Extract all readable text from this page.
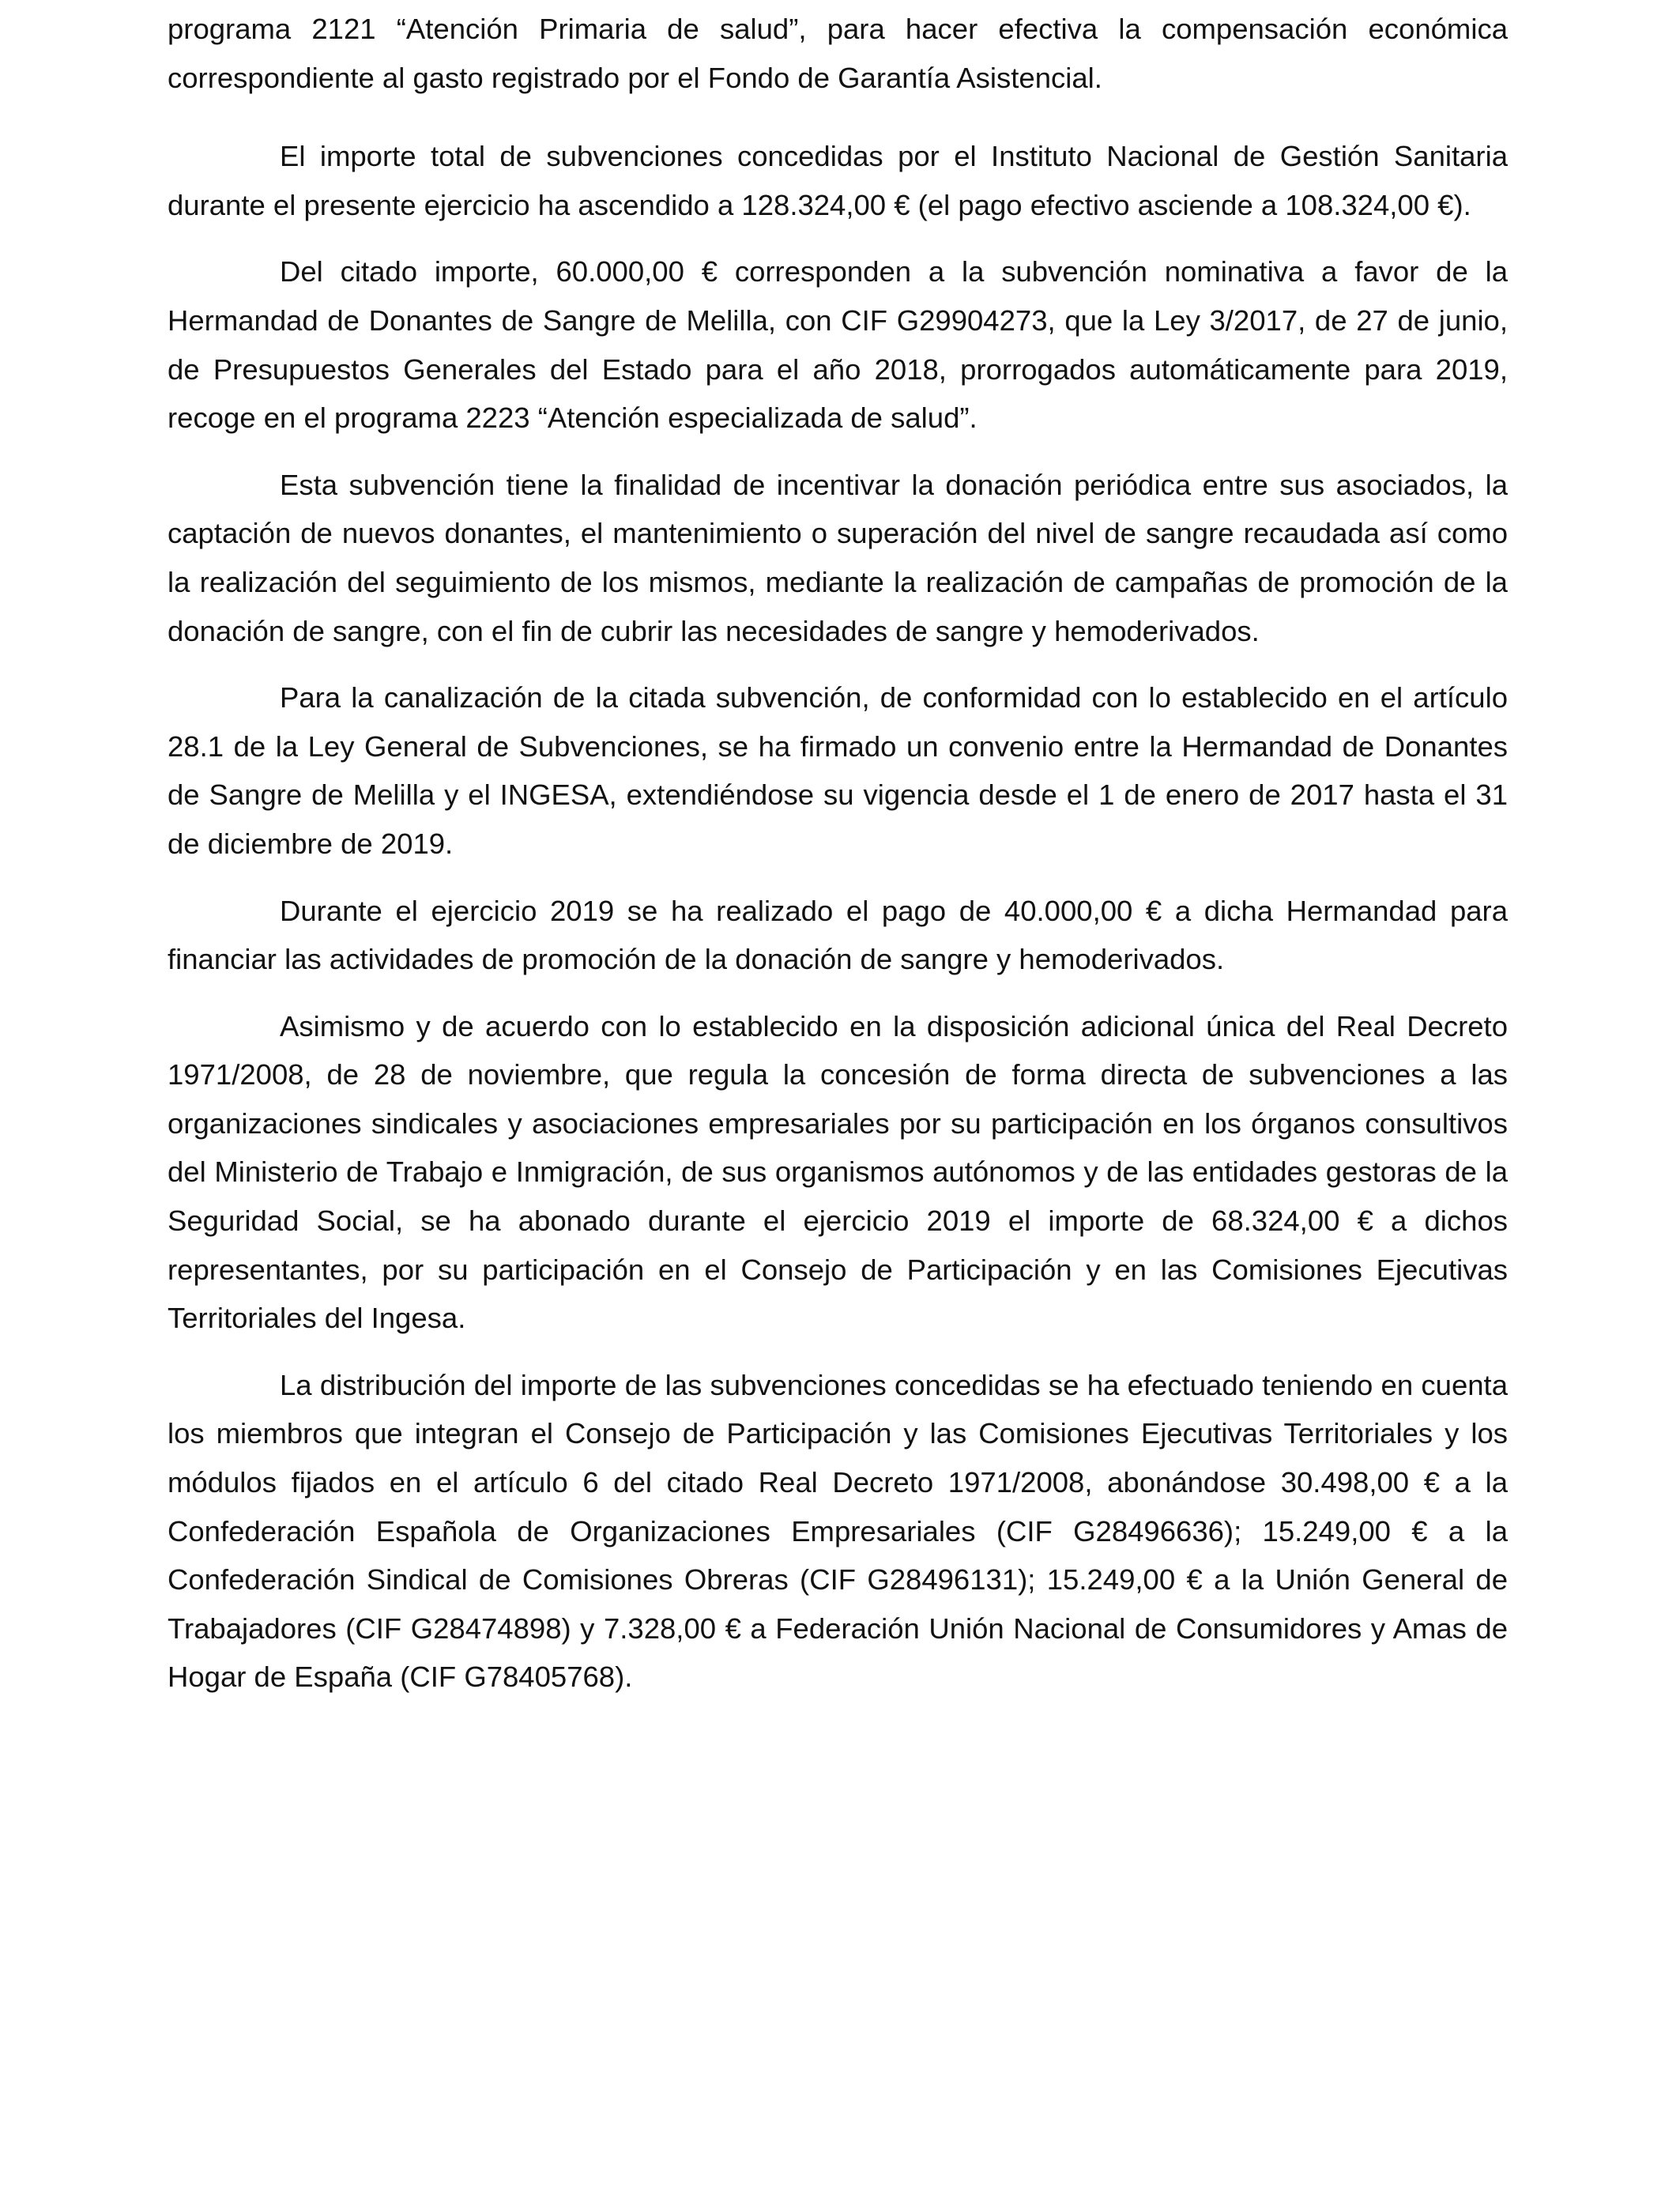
programa 2121 “Atención Primaria de salud”, para hacer efectiva la compensación económica correspondiente al gasto registrado por el Fondo de Garantía Asistencial.

El importe total de subvenciones concedidas por el Instituto Nacional de Gestión Sanitaria durante el presente ejercicio ha ascendido a 128.324,00 € (el pago efectivo asciende a 108.324,00 €).

Del citado importe, 60.000,00 € corresponden a la subvención nominativa a favor de la Hermandad de Donantes de Sangre de Melilla, con CIF G29904273, que la Ley 3/2017, de 27 de junio, de Presupuestos Generales del Estado para el año 2018, prorrogados automáticamente para 2019, recoge en el programa 2223 “Atención especializada de salud”.

Esta subvención tiene la finalidad de incentivar la donación periódica entre sus asociados, la captación de nuevos donantes, el mantenimiento o superación del nivel de sangre recaudada así como la realización del seguimiento de los mismos, mediante la realización de campañas de promoción de la donación de sangre, con el fin de cubrir las necesidades de sangre y hemoderivados.

Para la canalización de la citada subvención, de conformidad con lo establecido en el artículo 28.1 de la Ley General de Subvenciones, se ha firmado un convenio entre la Hermandad de Donantes de Sangre de Melilla y el INGESA, extendiéndose su vigencia desde el 1 de enero de 2017 hasta el 31 de diciembre de 2019.

Durante el ejercicio 2019 se ha realizado el pago de 40.000,00 € a dicha Hermandad para financiar las actividades de promoción de la donación de sangre y hemoderivados.

Asimismo y de acuerdo con lo establecido en la disposición adicional única del Real Decreto 1971/2008, de 28 de noviembre, que regula la concesión de forma directa de subvenciones a las organizaciones sindicales y asociaciones empresariales por su participación en los órganos consultivos del Ministerio de Trabajo e Inmigración, de sus organismos autónomos y de las entidades gestoras de la Seguridad Social, se ha abonado durante el ejercicio 2019 el importe de 68.324,00 € a dichos representantes, por su participación en el Consejo de Participación y en las Comisiones Ejecutivas Territoriales del Ingesa.

La distribución del importe de las subvenciones concedidas se ha efectuado teniendo en cuenta los miembros que integran el Consejo de Participación y las Comisiones Ejecutivas Territoriales y los módulos fijados en el artículo 6 del citado Real Decreto 1971/2008, abonándose 30.498,00 € a la Confederación Española de Organizaciones Empresariales (CIF G28496636); 15.249,00 € a la Confederación Sindical de Comisiones Obreras (CIF G28496131); 15.249,00 € a la Unión General de Trabajadores (CIF G28474898) y 7.328,00 € a Federación Unión Nacional de Consumidores y Amas de Hogar de España (CIF G78405768).
